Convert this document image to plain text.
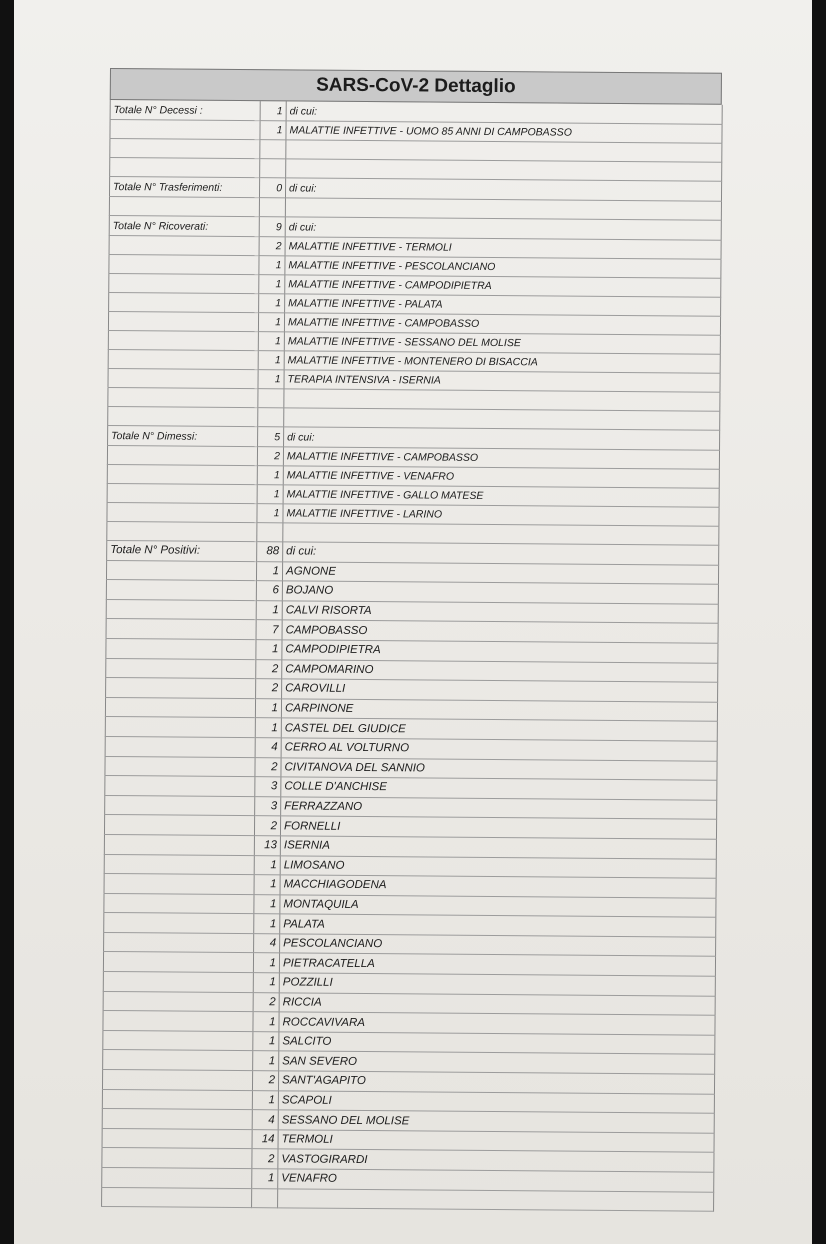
SARS-CoV-2 Dettaglio
Totale N° Decessi :	1	di cui:
	1	MALATTIE INFETTIVE - UOMO 85 ANNI DI CAMPOBASSO

Totale N° Trasferimenti:	0	di cui:

Totale N° Ricoverati:	9	di cui:
	2	MALATTIE INFETTIVE - TERMOLI
	1	MALATTIE INFETTIVE - PESCOLANCIANO
	1	MALATTIE INFETTIVE - CAMPODIPIETRA
	1	MALATTIE INFETTIVE - PALATA
	1	MALATTIE INFETTIVE - CAMPOBASSO
	1	MALATTIE INFETTIVE - SESSANO DEL MOLISE
	1	MALATTIE INFETTIVE - MONTENERO DI BISACCIA
	1	TERAPIA INTENSIVA - ISERNIA

Totale N° Dimessi:	5	di cui:
	2	MALATTIE INFETTIVE - CAMPOBASSO
	1	MALATTIE INFETTIVE - VENAFRO
	1	MALATTIE INFETTIVE - GALLO MATESE
	1	MALATTIE INFETTIVE - LARINO

Totale N° Positivi:	88	di cui:
	1	AGNONE
	6	BOJANO
	1	CALVI RISORTA
	7	CAMPOBASSO
	1	CAMPODIPIETRA
	2	CAMPOMARINO
	2	CAROVILLI
	1	CARPINONE
	1	CASTEL DEL GIUDICE
	4	CERRO AL VOLTURNO
	2	CIVITANOVA DEL SANNIO
	3	COLLE D'ANCHISE
	3	FERRAZZANO
	2	FORNELLI
	13	ISERNIA
	1	LIMOSANO
	1	MACCHIAGODENA
	1	MONTAQUILA
	1	PALATA
	4	PESCOLANCIANO
	1	PIETRACATELLA
	1	POZZILLI
	2	RICCIA
	1	ROCCAVIVARA
	1	SALCITO
	1	SAN SEVERO
	2	SANT'AGAPITO
	1	SCAPOLI
	4	SESSANO DEL MOLISE
	14	TERMOLI
	2	VASTOGIRARDI
	1	VENAFRO
